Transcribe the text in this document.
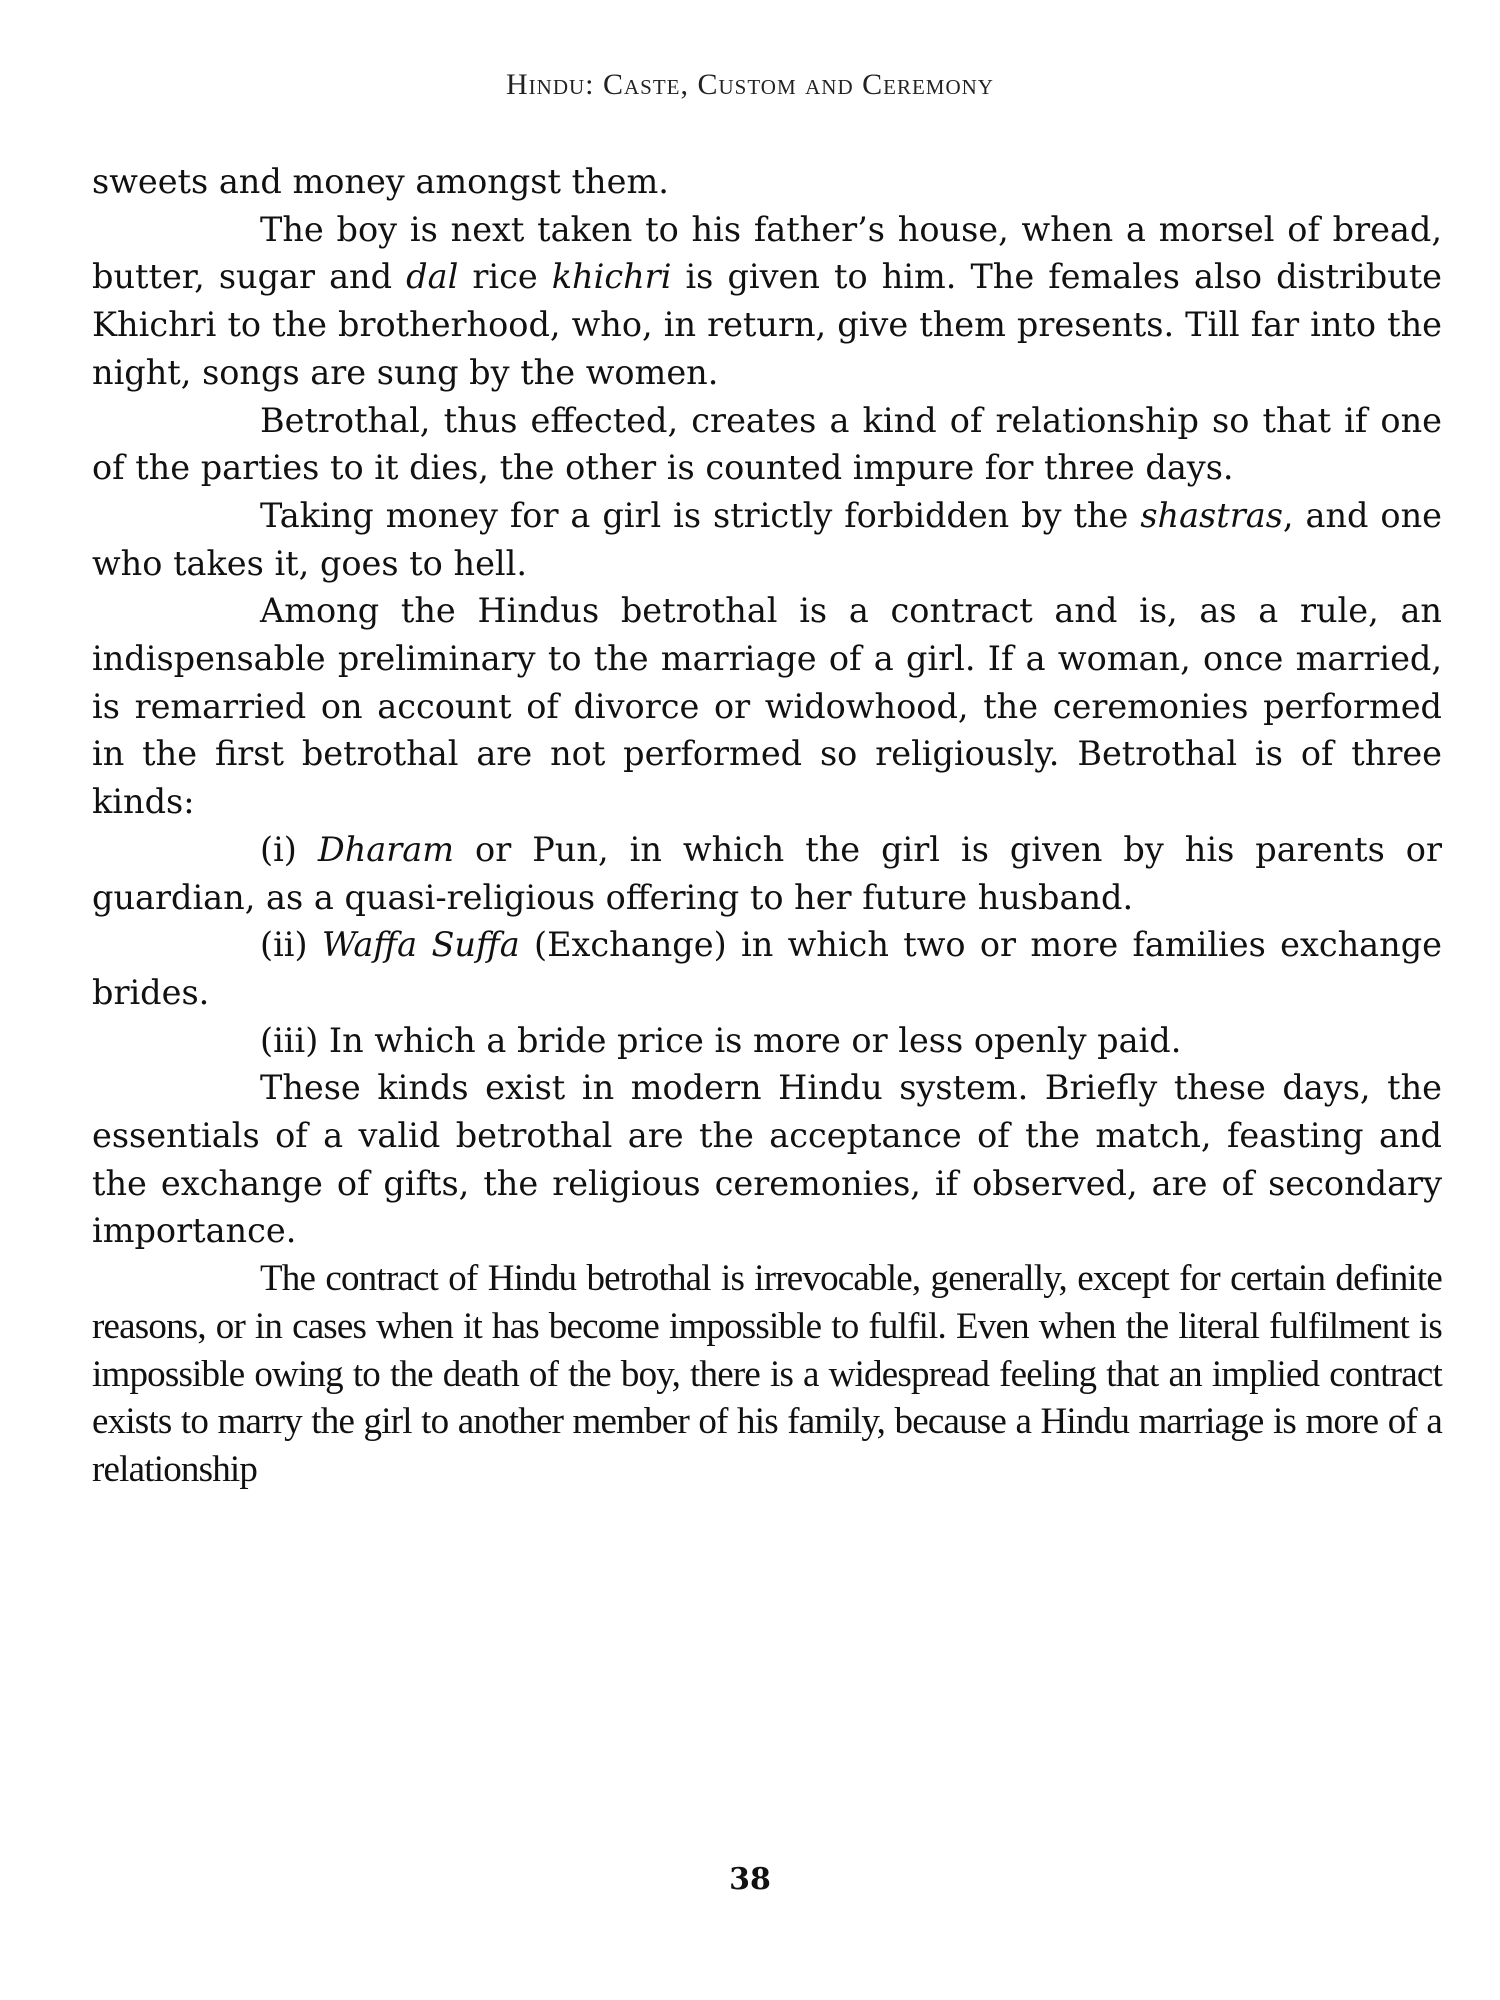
Hindu: Caste, Custom and Ceremony

sweets and money amongst them.

The boy is next taken to his father’s house, when a morsel of bread, butter, sugar and dal rice khichri is given to him. The females also distribute Khichri to the brotherhood, who, in return, give them presents. Till far into the night, songs are sung by the women.

Betrothal, thus effected, creates a kind of relationship so that if one of the parties to it dies, the other is counted impure for three days.

Taking money for a girl is strictly forbidden by the shastras, and one who takes it, goes to hell.

Among the Hindus betrothal is a contract and is, as a rule, an indispensable preliminary to the marriage of a girl. If a woman, once married, is remarried on account of divorce or widowhood, the ceremonies performed in the first betrothal are not performed so religiously. Betrothal is of three kinds:

(i) Dharam or Pun, in which the girl is given by his parents or guardian, as a quasi-religious offering to her future husband.

(ii) Waffa Suffa (Exchange) in which two or more families exchange brides.

(iii) In which a bride price is more or less openly paid.

These kinds exist in modern Hindu system. Briefly these days, the essentials of a valid betrothal are the acceptance of the match, feasting and the exchange of gifts, the religious ceremonies, if observed, are of secondary importance.

The contract of Hindu betrothal is irrevocable, generally, except for certain definite reasons, or in cases when it has become impossible to fulfil. Even when the literal fulfilment is impossible owing to the death of the boy, there is a widespread feeling that an implied contract exists to marry the girl to another member of his family, because a Hindu marriage is more of a relationship

38
